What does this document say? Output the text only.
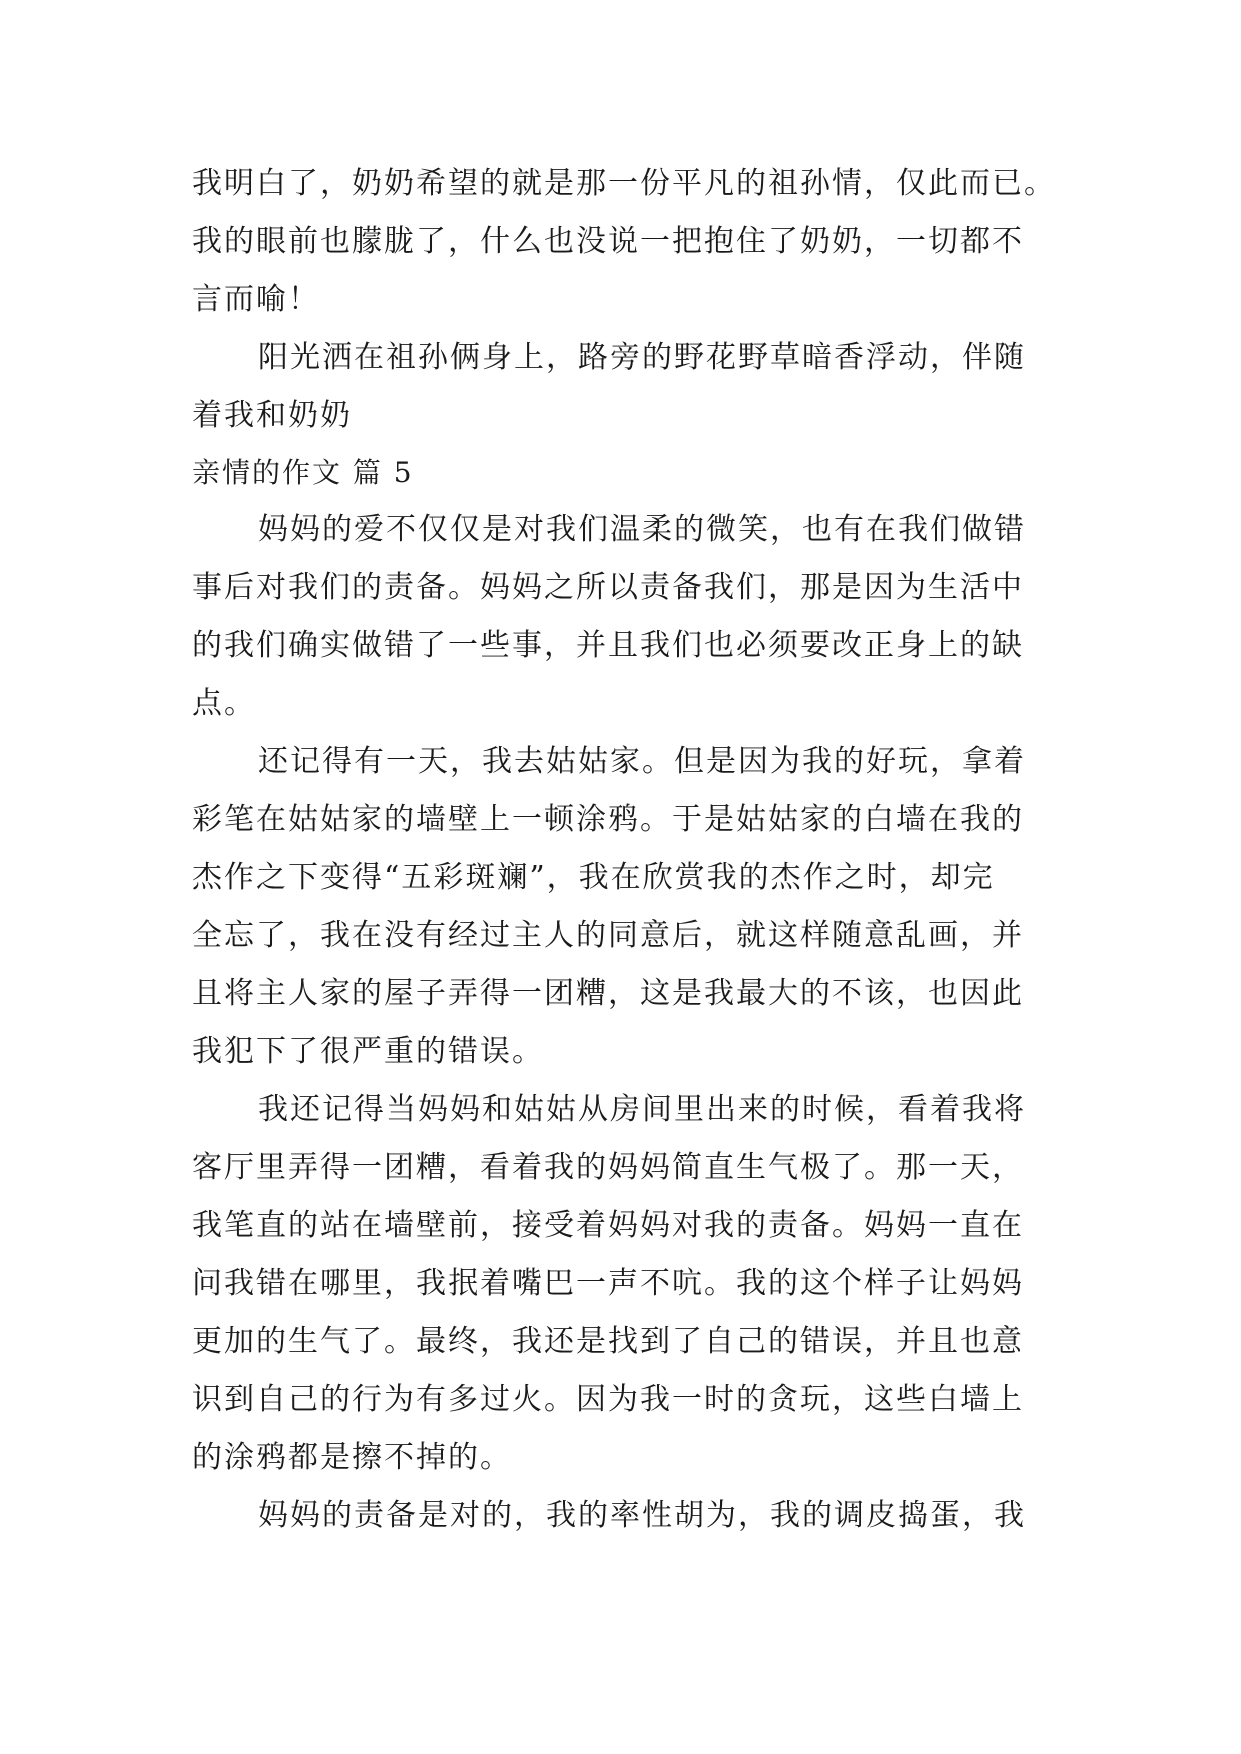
我明白了，奶奶希望的就是那一份平凡的祖孙情，仅此而已。
我的眼前也朦胧了，什么也没说一把抱住了奶奶，一切都不
言而喻！
阳光洒在祖孙俩身上，路旁的野花野草暗香浮动，伴随
着我和奶奶
亲情的作文 篇 5
妈妈的爱不仅仅是对我们温柔的微笑，也有在我们做错
事后对我们的责备。妈妈之所以责备我们，那是因为生活中
的我们确实做错了一些事，并且我们也必须要改正身上的缺
点。
还记得有一天，我去姑姑家。但是因为我的好玩，拿着
彩笔在姑姑家的墙壁上一顿涂鸦。于是姑姑家的白墙在我的
杰作之下变得“五彩斑斓”，我在欣赏我的杰作之时，却完
全忘了，我在没有经过主人的同意后，就这样随意乱画，并
且将主人家的屋子弄得一团糟，这是我最大的不该，也因此
我犯下了很严重的错误。
我还记得当妈妈和姑姑从房间里出来的时候，看着我将
客厅里弄得一团糟，看着我的妈妈简直生气极了。那一天，
我笔直的站在墙壁前，接受着妈妈对我的责备。妈妈一直在
问我错在哪里，我抿着嘴巴一声不吭。我的这个样子让妈妈
更加的生气了。最终，我还是找到了自己的错误，并且也意
识到自己的行为有多过火。因为我一时的贪玩，这些白墙上
的涂鸦都是擦不掉的。
妈妈的责备是对的，我的率性胡为，我的调皮捣蛋，我
